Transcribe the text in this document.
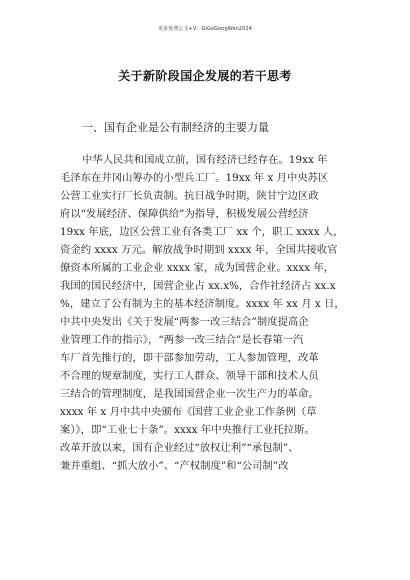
更多免费公文+V：GiGoGongWen2024
关于新阶段国企发展的若干思考
一、国有企业是公有制经济的主要力量
中华人民共和国成立前，国有经济已经存在。19xx 年
毛泽东在井冈山筹办的小型兵工厂。19xx 年 x 月中央苏区
公营工业实行厂长负责制。抗日战争时期，陕甘宁边区政
府以“发展经济、保障供给”为指导，积极发展公营经济
19xx 年底，边区公营工业有各类工厂 xx 个，职工 xxxx 人，
资金约 xxxx 万元。解放战争时期到 xxxx 年，全国共接收官
僚资本所属的工业企业 xxxx 家，成为国营企业。xxxx 年，
我国的国民经济中，国营企业占 xx.x%，合作社经济占 xx.x
%，建立了公有制为主的基本经济制度。xxxx 年 xx 月 x 日，
中共中央发出《关于发展“两参一改三结合”制度提高企
业管理工作的指示》，“两参一改三结合”是长春第一汽
车厂首先推行的，即干部参加劳动，工人参加管理，改革
不合理的规章制度，实行工人群众、领导干部和技术人员
三结合的管理制度，是我国国营企业一次生产力的革命。
xxxx 年 x 月中共中央颁布《国营工业企业工作条例（草
案）》，即“工业七十条”。xxxx 年中央推行工业托拉斯。
改革开放以来，国有企业经过“放权让利”“承包制”、
兼并重组、“抓大放小”、“产权制度”和“公司制”改
